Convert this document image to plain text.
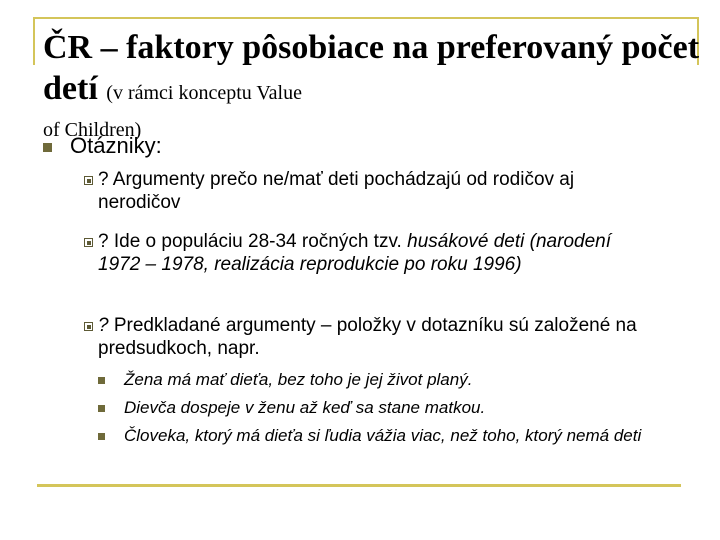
ČR – faktory pôsobiace na preferovaný počet detí (v rámci konceptu Value
of Children)
Otázniky:
? Argumenty prečo ne/mať deti pochádzajú od rodičov aj nerodičov
? Ide o populáciu 28-34 ročných tzv. husákové deti (narodení 1972 – 1978, realizácia reprodukcie po roku 1996)
? Predkladané argumenty – položky v dotazníku sú založené na predsudkoch, napr.
Žena má mať dieťa, bez toho je jej život planý.
Dievča dospeje v ženu až keď sa stane matkou.
Človeka, ktorý má dieťa si ľudia vážia viac, než toho, ktorý nemá deti
